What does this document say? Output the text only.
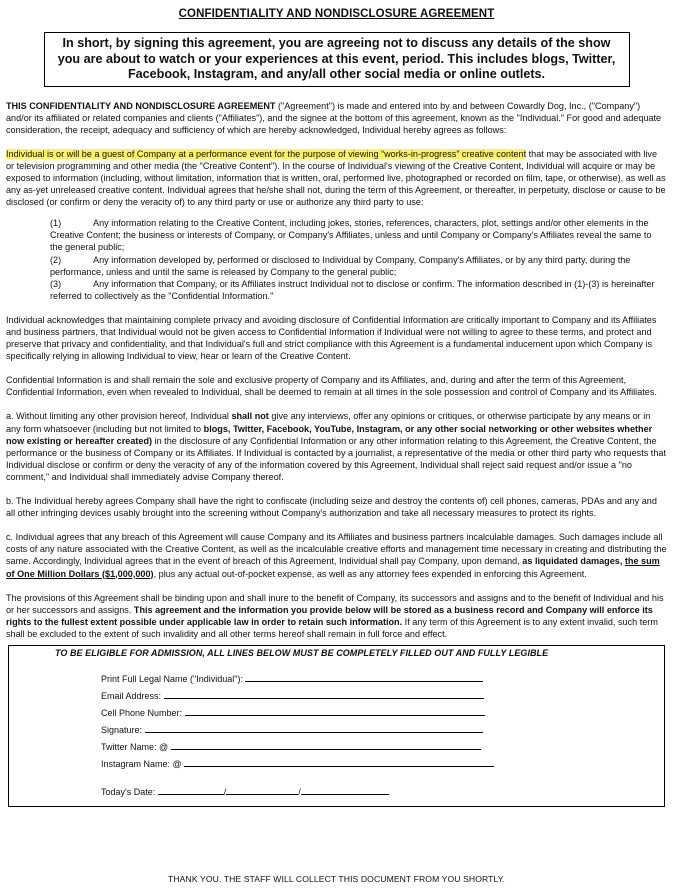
CONFIDENTIALITY AND NONDISCLOSURE AGREEMENT
In short, by signing this agreement, you are agreeing not to discuss any details of the show you are about to watch or your experiences at this event, period. This includes blogs, Twitter, Facebook, Instagram, and any/all other social media or online outlets.

THIS CONFIDENTIALITY AND NONDISCLOSURE AGREEMENT ("Agreement") is made and entered into by and between Cowardly Dog, Inc., ("Company") and/or its affiliated or related companies and clients ("Affiliates"), and the signee at the bottom of this agreement, known as the "Individual." For good and adequate consideration, the receipt, adequacy and sufficiency of which are hereby acknowledged, Individual hereby agrees as follows:

Individual is or will be a guest of Company at a performance event for the purpose of viewing “works-in-progress” creative content that may be associated with live or television programming and other media (the "Creative Content"). In the course of Individual's viewing of the Creative Content, Individual will acquire or may be exposed to information (including, without limitation, information that is written, oral, performed live, photographed or recorded on film, tape, or otherwise), as well as any as-yet unreleased creative content. Individual agrees that he/she shall not, during the term of this Agreement, or thereafter, in perpetuity, disclose or cause to be disclosed (or confirm or deny the veracity of) to any third party or use or authorize any third party to use:

(1)	Any information relating to the Creative Content, including jokes, stories, references, characters, plot, settings and/or other elements in the Creative Content; the business or interests of Company, or Company's Affiliates, unless and until Company or Company's Affiliates reveal the same to the general public;
(2)	Any information developed by, performed or disclosed to Individual by Company, Company's Affiliates, or by any third party, during the performance, unless and until the same is released by Company to the general public;
(3)	Any information that Company, or its Affiliates instruct Individual not to disclose or confirm. The information described in (1)-(3) is hereinafter referred to collectively as the "Confidential Information."

Individual acknowledges that maintaining complete privacy and avoiding disclosure of Confidential Information are critically important to Company and its Affiliates and business partners, that Individual would not be given access to Confidential Information if Individual were not willing to agree to these terms, and protect and preserve that privacy and confidentiality, and that Individual's full and strict compliance with this Agreement is a fundamental inducement upon which Company is specifically relying in allowing Individual to view, hear or learn of the Creative Content.

Confidential Information is and shall remain the sole and exclusive property of Company and its Affiliates, and, during and after the term of this Agreement, Confidential Information, even when revealed to Individual, shall be deemed to remain at all times in the sole possession and control of Company and its Affiliates.

a. Without limiting any other provision hereof, Individual shall not give any interviews, offer any opinions or critiques, or otherwise participate by any means or in any form whatsoever (including but not limited to blogs, Twitter, Facebook, YouTube, Instagram, or any other social networking or other websites whether now existing or hereafter created) in the disclosure of any Confidential Information or any other information relating to this Agreement, the Creative Content, the performance or the business of Company or its Affiliates. If Individual is contacted by a journalist, a representative of the media or other third party who requests that Individual disclose or confirm or deny the veracity of any of the information covered by this Agreement, Individual shall reject said request and/or issue a "no comment," and Individual shall immediately advise Company thereof.

b. The Individual hereby agrees Company shall have the right to confiscate (including seize and destroy the contents of) cell phones, cameras, PDAs and any and all other infringing devices usably brought into the screening without Company's authorization and take all necessary measures to protect its rights.

c. Individual agrees that any breach of this Agreement will cause Company and its Affiliates and business partners incalculable damages. Such damages include all costs of any nature associated with the Creative Content, as well as the incalculable creative efforts and management time necessary in creating and distributing the same. Accordingly, Individual agrees that in the event of breach of this Agreement, Individual shall pay Company, upon demand, as liquidated damages, the sum of One Million Dollars ($1,000,000), plus any actual out-of-pocket expense, as well as any attorney fees expended in enforcing this Agreement.

The provisions of this Agreement shall be binding upon and shall inure to the benefit of Company, its successors and assigns and to the benefit of Individual and his or her successors and assigns. This agreement and the information you provide below will be stored as a business record and Company will enforce its rights to the fullest extent possible under applicable law in order to retain such information. If any term of this Agreement is to any extent invalid, such term shall be excluded to the extent of such invalidity and all other terms hereof shall remain in full force and effect.

TO BE ELIGIBLE FOR ADMISSION, ALL LINES BELOW MUST BE COMPLETELY FILLED OUT AND FULLY LEGIBLE
Print Full Legal Name ("Individual"):
Email Address:
Cell Phone Number:
Signature:
Twitter Name: @
Instagram Name: @
Today's Date:	/	/
THANK YOU. THE STAFF WILL COLLECT THIS DOCUMENT FROM YOU SHORTLY.
